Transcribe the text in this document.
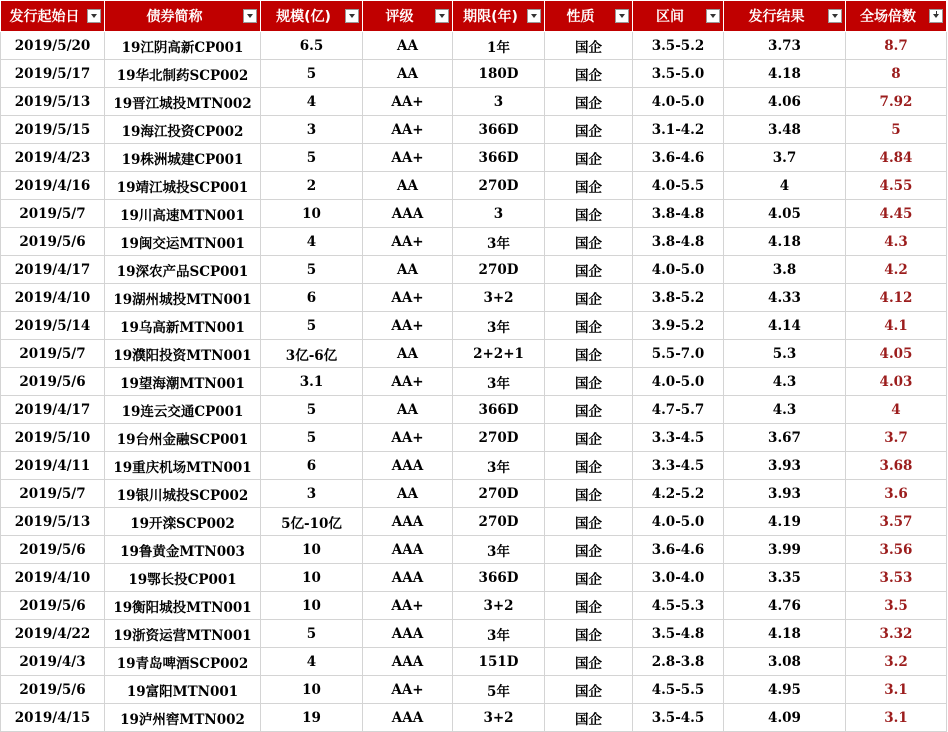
发行起始日	债券简称	规模(亿)	评级	期限(年)	性质	区间	发行结果	全场倍数

2019/5/20	19江阴高新CP001	6.5	AA	1年	国企	3.5-5.2	3.73	8.7
2019/5/17	19华北制药SCP002	5	AA	180D	国企	3.5-5.0	4.18	8
2019/5/13	19晋江城投MTN002	4	AA+	3	国企	4.0-5.0	4.06	7.92
2019/5/15	19海江投资CP002	3	AA+	366D	国企	3.1-4.2	3.48	5
2019/4/23	19株洲城建CP001	5	AA+	366D	国企	3.6-4.6	3.7	4.84
2019/4/16	19靖江城投SCP001	2	AA	270D	国企	4.0-5.5	4	4.55
2019/5/7	19川高速MTN001	10	AAA	3	国企	3.8-4.8	4.05	4.45
2019/5/6	19闽交运MTN001	4	AA+	3年	国企	3.8-4.8	4.18	4.3
2019/4/17	19深农产品SCP001	5	AA	270D	国企	4.0-5.0	3.8	4.2
2019/4/10	19湖州城投MTN001	6	AA+	3+2	国企	3.8-5.2	4.33	4.12
2019/5/14	19乌高新MTN001	5	AA+	3年	国企	3.9-5.2	4.14	4.1
2019/5/7	19濮阳投资MTN001	3亿-6亿	AA	2+2+1	国企	5.5-7.0	5.3	4.05
2019/5/6	19望海潮MTN001	3.1	AA+	3年	国企	4.0-5.0	4.3	4.03
2019/4/17	19连云交通CP001	5	AA	366D	国企	4.7-5.7	4.3	4
2019/5/10	19台州金融SCP001	5	AA+	270D	国企	3.3-4.5	3.67	3.7
2019/4/11	19重庆机场MTN001	6	AAA	3年	国企	3.3-4.5	3.93	3.68
2019/5/7	19银川城投SCP002	3	AA	270D	国企	4.2-5.2	3.93	3.6
2019/5/13	19开滦SCP002	5亿-10亿	AAA	270D	国企	4.0-5.0	4.19	3.57
2019/5/6	19鲁黄金MTN003	10	AAA	3年	国企	3.6-4.6	3.99	3.56
2019/4/10	19鄂长投CP001	10	AAA	366D	国企	3.0-4.0	3.35	3.53
2019/5/6	19衡阳城投MTN001	10	AA+	3+2	国企	4.5-5.3	4.76	3.5
2019/4/22	19浙资运营MTN001	5	AAA	3年	国企	3.5-4.8	4.18	3.32
2019/4/3	19青岛啤酒SCP002	4	AAA	151D	国企	2.8-3.8	3.08	3.2
2019/5/6	19富阳MTN001	10	AA+	5年	国企	4.5-5.5	4.95	3.1
2019/4/15	19泸州窖MTN002	19	AAA	3+2	国企	3.5-4.5	4.09	3.1
